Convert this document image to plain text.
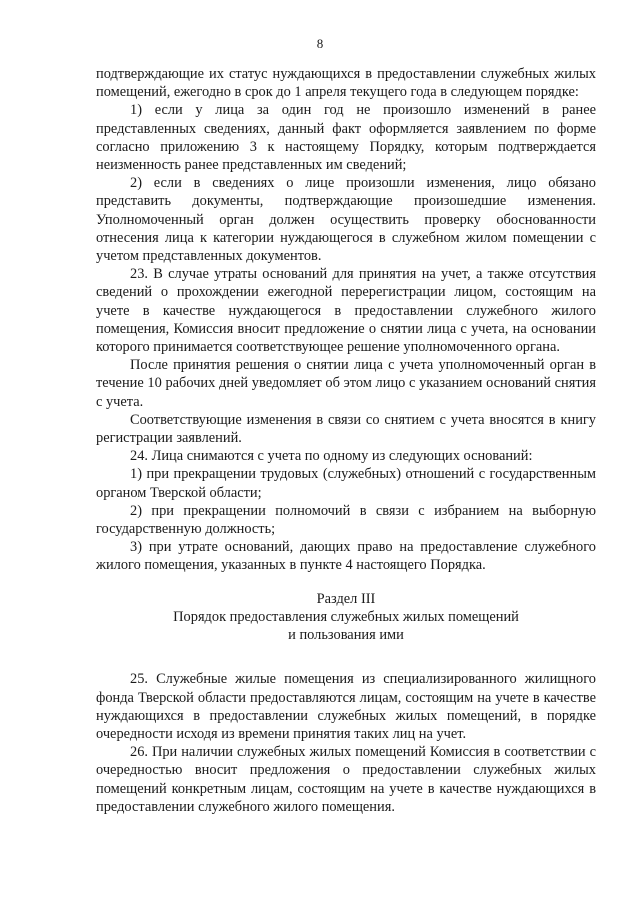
8

подтверждающие их статус нуждающихся в предоставлении служебных жилых помещений, ежегодно в срок до 1 апреля текущего года в следующем порядке:

1) если у лица за один год не произошло изменений в ранее представленных сведениях, данный факт оформляется заявлением по форме согласно приложению 3 к настоящему Порядку, которым подтверждается неизменность ранее представленных им сведений;

2) если в сведениях о лице произошли изменения, лицо обязано представить документы, подтверждающие произошедшие изменения. Уполномоченный орган должен осуществить проверку обоснованности отнесения лица к категории нуждающегося в служебном жилом помещении с учетом представленных документов.

23. В случае утраты оснований для принятия на учет, а также отсутствия сведений о прохождении ежегодной перерегистрации лицом, состоящим на учете в качестве нуждающегося в предоставлении служебного жилого помещения, Комиссия вносит предложение о снятии лица с учета, на основании которого принимается соответствующее решение уполномоченного органа.

После принятия решения о снятии лица с учета уполномоченный орган в течение 10 рабочих дней уведомляет об этом лицо с указанием оснований снятия с учета.

Соответствующие изменения в связи со снятием с учета вносятся в книгу регистрации заявлений.

24. Лица снимаются с учета по одному из следующих оснований:

1) при прекращении трудовых (служебных) отношений с государственным органом Тверской области;

2) при прекращении полномочий в связи с избранием на выборную государственную должность;

3) при утрате оснований, дающих право на предоставление служебного жилого помещения, указанных в пункте 4 настоящего Порядка.

Раздел III
Порядок предоставления служебных жилых помещений
и пользования ими

25. Служебные жилые помещения из специализированного жилищного фонда Тверской области предоставляются лицам, состоящим на учете в качестве нуждающихся в предоставлении служебных жилых помещений, в порядке очередности исходя из времени принятия таких лиц на учет.

26. При наличии служебных жилых помещений Комиссия в соответствии с очередностью вносит предложения о предоставлении служебных жилых помещений конкретным лицам, состоящим на учете в качестве нуждающихся в предоставлении служебного жилого помещения.
